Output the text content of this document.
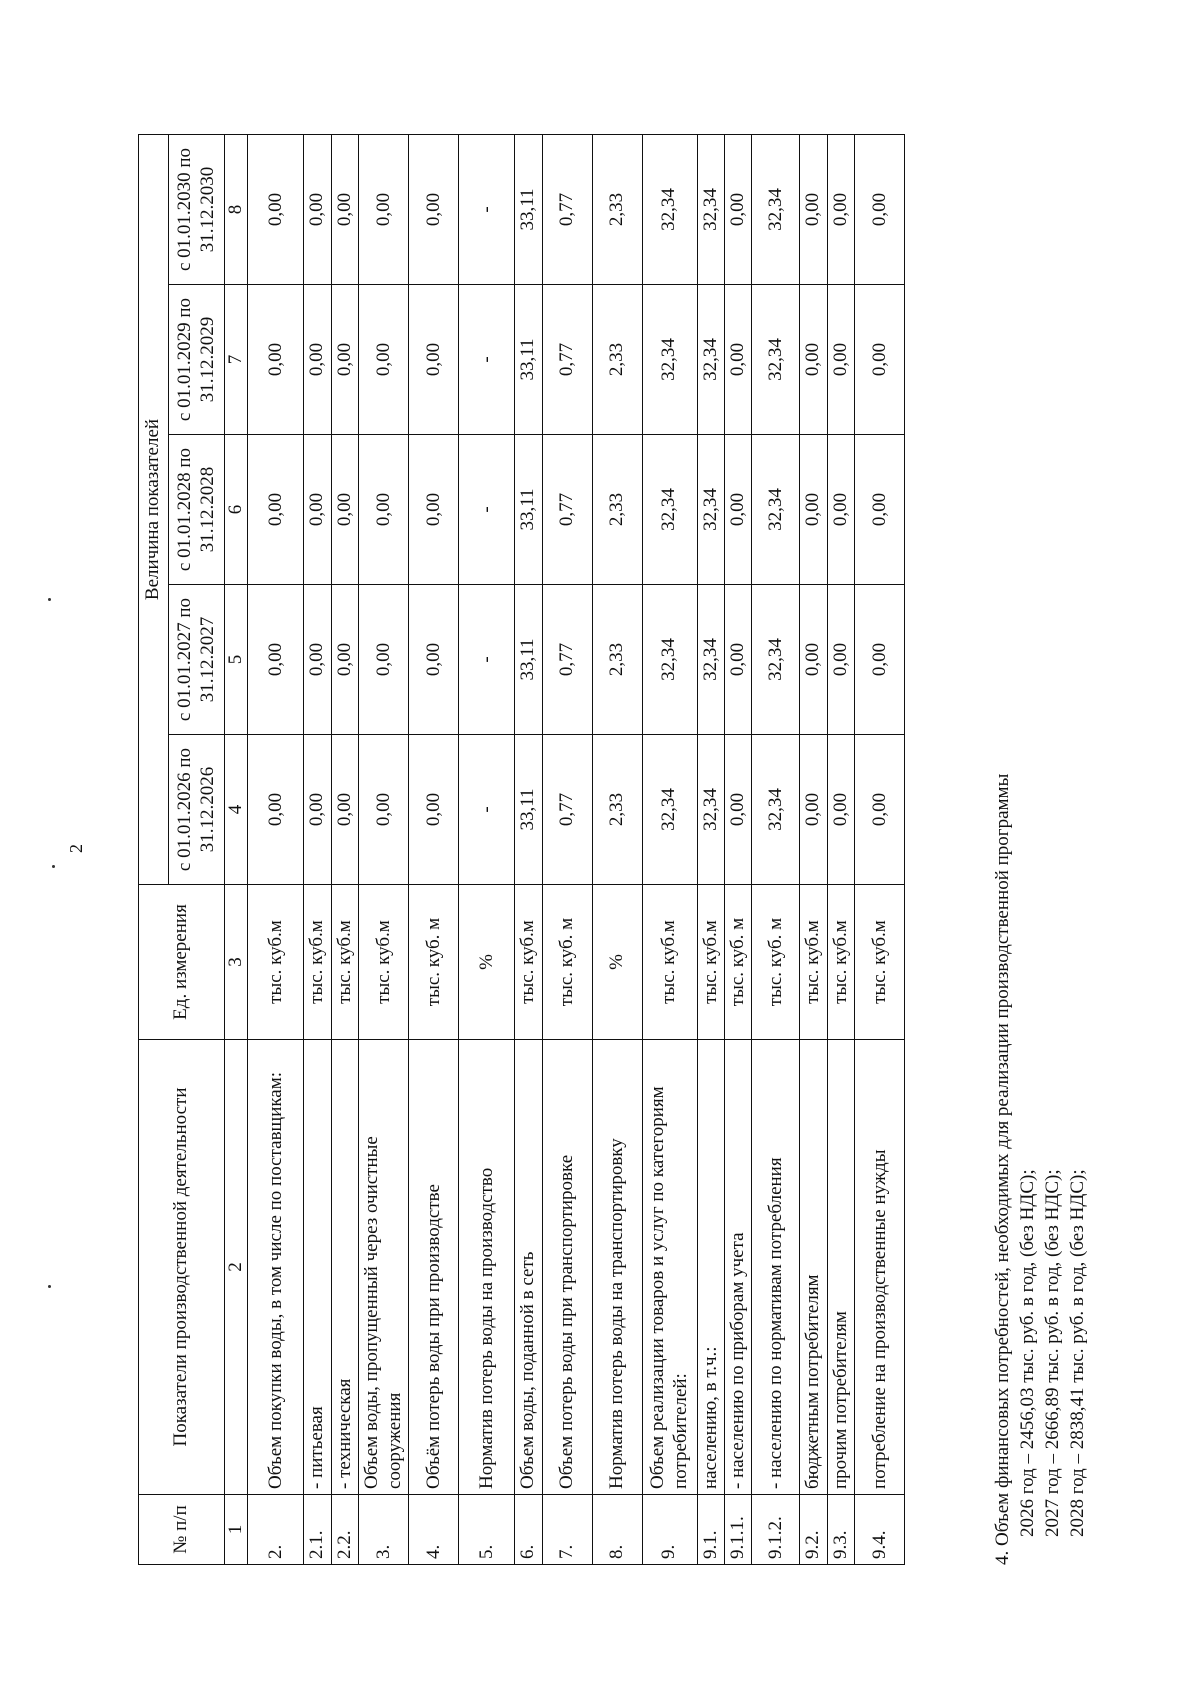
2
№ п/п	Показатели производственной деятельности	Ед. измерения	Величина показателей				
			с 01.01.2026 по 31.12.2026	с 01.01.2027 по 31.12.2027	с 01.01.2028 по 31.12.2028	с 01.01.2029 по 31.12.2029	с 01.01.2030 по 31.12.2030
1	2	3	4	5	6	7	8
2.	Объем покупки воды, в том числе по поставщикам:	тыс. куб.м	0,00	0,00	0,00	0,00	0,00
2.1.	- питьевая	тыс. куб.м	0,00	0,00	0,00	0,00	0,00
2.2.	- техническая	тыс. куб.м	0,00	0,00	0,00	0,00	0,00
3.	Объем воды, пропущенный через очистные сооружения	тыс. куб.м	0,00	0,00	0,00	0,00	0,00
4.	Объём потерь воды при производстве	тыс. куб. м	0,00	0,00	0,00	0,00	0,00
5.	Норматив потерь воды на производство	%	-	-	-	-	-
6.	Объем воды, поданной в сеть	тыс. куб.м	33,11	33,11	33,11	33,11	33,11
7.	Объем потерь воды при транспортировке	тыс. куб. м	0,77	0,77	0,77	0,77	0,77
8.	Норматив потерь воды на транспортировку	%	2,33	2,33	2,33	2,33	2,33
9.	Объем реализации товаров и услуг по категориям потребителей:	тыс. куб.м	32,34	32,34	32,34	32,34	32,34
9.1.	населению, в т.ч.:	тыс. куб.м	32,34	32,34	32,34	32,34	32,34
9.1.1.	- населению по приборам учета	тыс. куб. м	0,00	0,00	0,00	0,00	0,00
9.1.2.	- населению по нормативам потребления	тыс. куб. м	32,34	32,34	32,34	32,34	32,34
9.2.	бюджетным потребителям	тыс. куб.м	0,00	0,00	0,00	0,00	0,00
9.3.	прочим потребителям	тыс. куб.м	0,00	0,00	0,00	0,00	0,00
9.4.	потребление на производственные нужды	тыс. куб.м	0,00	0,00	0,00	0,00	0,00
4. Объем финансовых потребностей, необходимых для реализации производственной программы 2026 год – 2456,03 тыс. руб. в год, (без НДС); 2027 год – 2666,89 тыс. руб. в год, (без НДС); 2028 год – 2838,41 тыс. руб. в год, (без НДС);
